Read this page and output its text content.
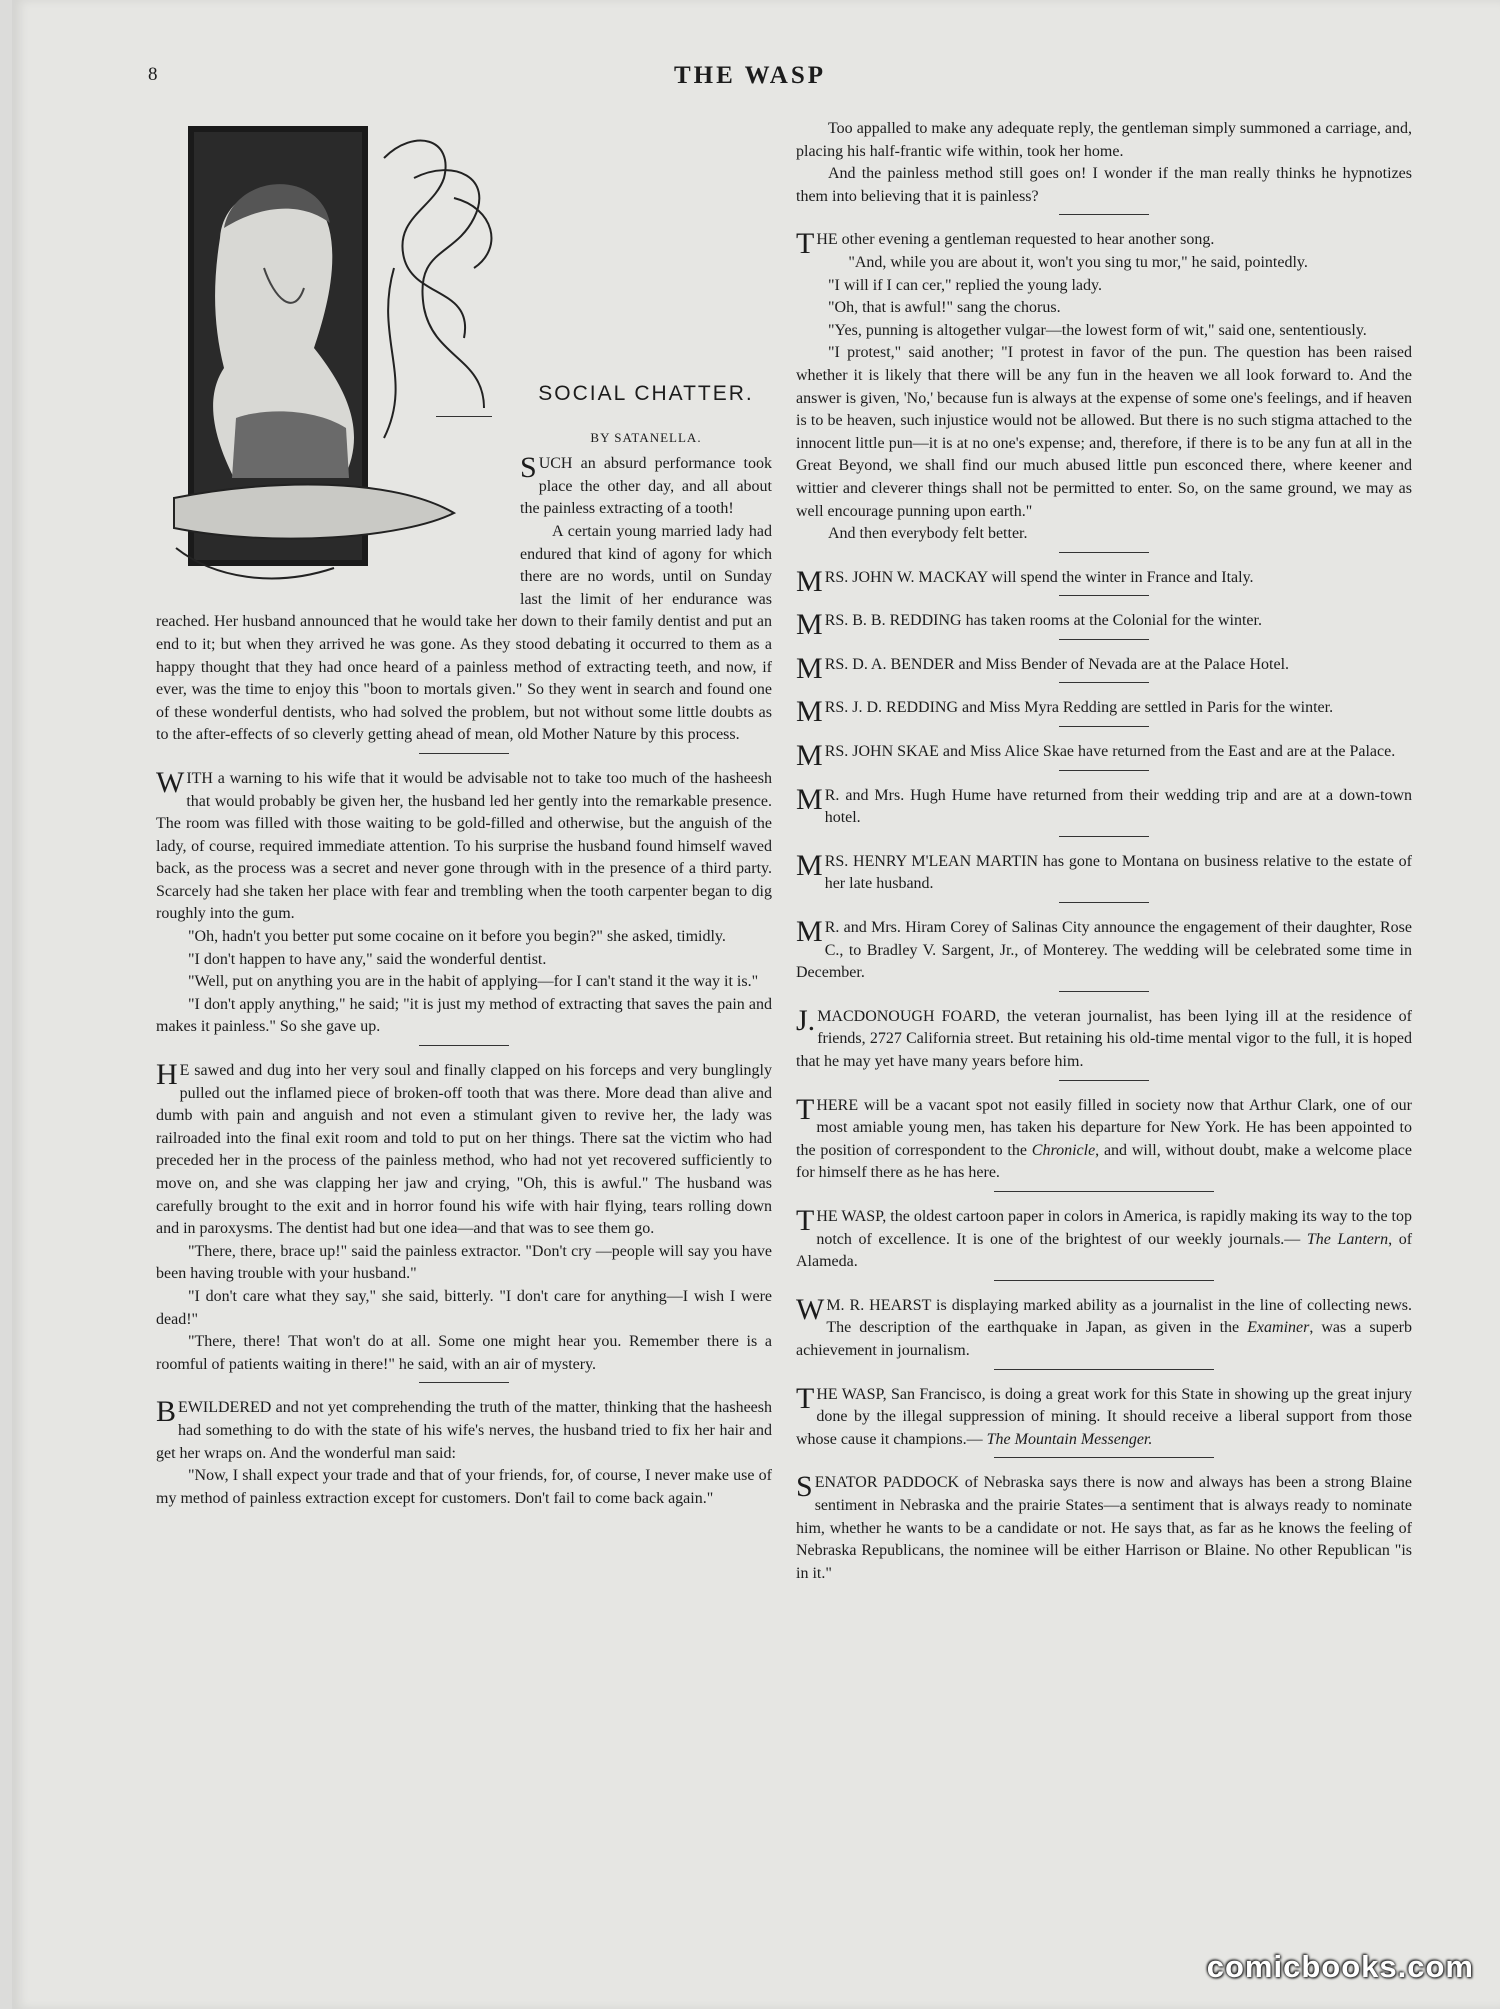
8	THE WASP
SOCIAL CHATTER.
BY SATANELLA.

SUCH an absurd performance took place the other day, and all about the painless extracting of a tooth!

A certain young married lady had endured that kind of agony for which there are no words, until on Sunday last the limit of her endurance was reached. Her husband announced that he would take her down to their family dentist and put an end to it; but when they arrived he was gone. As they stood debating it occurred to them as a happy thought that they had once heard of a painless method of extracting teeth, and now, if ever, was the time to enjoy this "boon to mortals given." So they went in search and found one of these wonderful dentists, who had solved the problem, but not without some little doubts as to the after-effects of so cleverly getting ahead of mean, old Mother Nature by this process.

WITH a warning to his wife that it would be advisable not to take too much of the hasheesh that would probably be given her, the husband led her gently into the remarkable presence. The room was filled with those waiting to be gold-filled and otherwise, but the anguish of the lady, of course, required immediate attention. To his surprise the husband found himself waved back, as the process was a secret and never gone through with in the presence of a third party. Scarcely had she taken her place with fear and trembling when the tooth carpenter began to dig roughly into the gum.

"Oh, hadn't you better put some cocaine on it before you begin?" she asked, timidly.

"I don't happen to have any," said the wonderful dentist.

"Well, put on anything you are in the habit of applying—for I can't stand it the way it is."

"I don't apply anything," he said; "it is just my method of extracting that saves the pain and makes it painless." So she gave up.

H E sawed and dug into her very soul and finally clapped on his forceps and very bunglingly pulled out the inflamed piece of broken-off tooth that was there. More dead than alive and dumb with pain and anguish and not even a stimulant given to revive her, the lady was railroaded into the final exit room and told to put on her things. There sat the victim who had preceded her in the process of the painless method, who had not yet recovered sufficiently to move on, and she was clapping her jaw and crying, "Oh, this is awful." The husband was carefully brought to the exit and in horror found his wife with hair flying, tears rolling down and in paroxysms. The dentist had but one idea—and that was to see them go.

"There, there, brace up!" said the painless extractor. "Don't cry —people will say you have been having trouble with your husband."

"I don't care what they say," she said, bitterly. "I don't care for anything—I wish I were dead!"

"There, there! That won't do at all. Some one might hear you. Remember there is a roomful of patients waiting in there!" he said, with an air of mystery.

BEWILDERED and not yet comprehending the truth of the matter, thinking that the hasheesh had something to do with the state of his wife's nerves, the husband tried to fix her hair and get her wraps on. And the wonderful man said:

"Now, I shall expect your trade and that of your friends, for, of course, I never make use of my method of painless extraction except for customers. Don't fail to come back again."

Too appalled to make any adequate reply, the gentleman simply summoned a carriage, and, placing his half-frantic wife within, took her home.

And the painless method still goes on! I wonder if the man really thinks he hypnotizes them into believing that it is painless?

THE other evening a gentleman requested to hear another song.

"And, while you are about it, won't you sing tu mor," he said, pointedly.

"I will if I can cer," replied the young lady.

"Oh, that is awful!" sang the chorus.

"Yes, punning is altogether vulgar—the lowest form of wit," said one, sententiously.

"I protest," said another; "I protest in favor of the pun. The question has been raised whether it is likely that there will be any fun in the heaven we all look forward to. And the answer is given, 'No,' because fun is always at the expense of some one's feelings, and if heaven is to be heaven, such injustice would not be allowed. But there is no such stigma attached to the innocent little pun—it is at no one's expense; and, therefore, if there is to be any fun at all in the Great Beyond, we shall find our much abused little pun esconced there, where keener and wittier and cleverer things shall not be permitted to enter. So, on the same ground, we may as well encourage punning upon earth."

And then everybody felt better.

MRS. JOHN W. MACKAY will spend the winter in France and Italy.

MRS. B. B. REDDING has taken rooms at the Colonial for the winter.

MRS. D. A. BENDER and Miss Bender of Nevada are at the Palace Hotel.

MRS. J. D. REDDING and Miss Myra Redding are settled in Paris for the winter.

MRS. JOHN SKAE and Miss Alice Skae have returned from the East and are at the Palace.

M R. and Mrs. Hugh Hume have returned from their wedding trip and are at a down-town hotel.

MRS. HENRY M'LEAN MARTIN has gone to Montana on business relative to the estate of her late husband.

M R. and Mrs. Hiram Corey of Salinas City announce the engagement of their daughter, Rose C., to Bradley V. Sargent, Jr., of Monterey. The wedding will be celebrated some time in December.

J. MACDONOUGH FOARD, the veteran journalist, has been lying ill at the residence of friends, 2727 California street. But retaining his old-time mental vigor to the full, it is hoped that he may yet have many years before him.

THERE will be a vacant spot not easily filled in society now that Arthur Clark, one of our most amiable young men, has taken his departure for New York. He has been appointed to the position of correspondent to the Chronicle, and will, without doubt, make a welcome place for himself there as he has here.

THE WASP, the oldest cartoon paper in colors in America, is rapidly making its way to the top notch of excellence. It is one of the brightest of our weekly journals.— The Lantern, of Alameda.

W M. R. HEARST is displaying marked ability as a journalist in the line of collecting news. The description of the earthquake in Japan, as given in the Examiner, was a superb achievement in journalism.

THE WASP, San Francisco, is doing a great work for this State in showing up the great injury done by the illegal suppression of mining. It should receive a liberal support from those whose cause it champions.— The Mountain Messenger.

SENATOR PADDOCK of Nebraska says there is now and always has been a strong Blaine sentiment in Nebraska and the prairie States—a sentiment that is always ready to nominate him, whether he wants to be a candidate or not. He says that, as far as he knows the feeling of Nebraska Republicans, the nominee will be either Harrison or Blaine. No other Republican "is in it."

comicbooks.com
